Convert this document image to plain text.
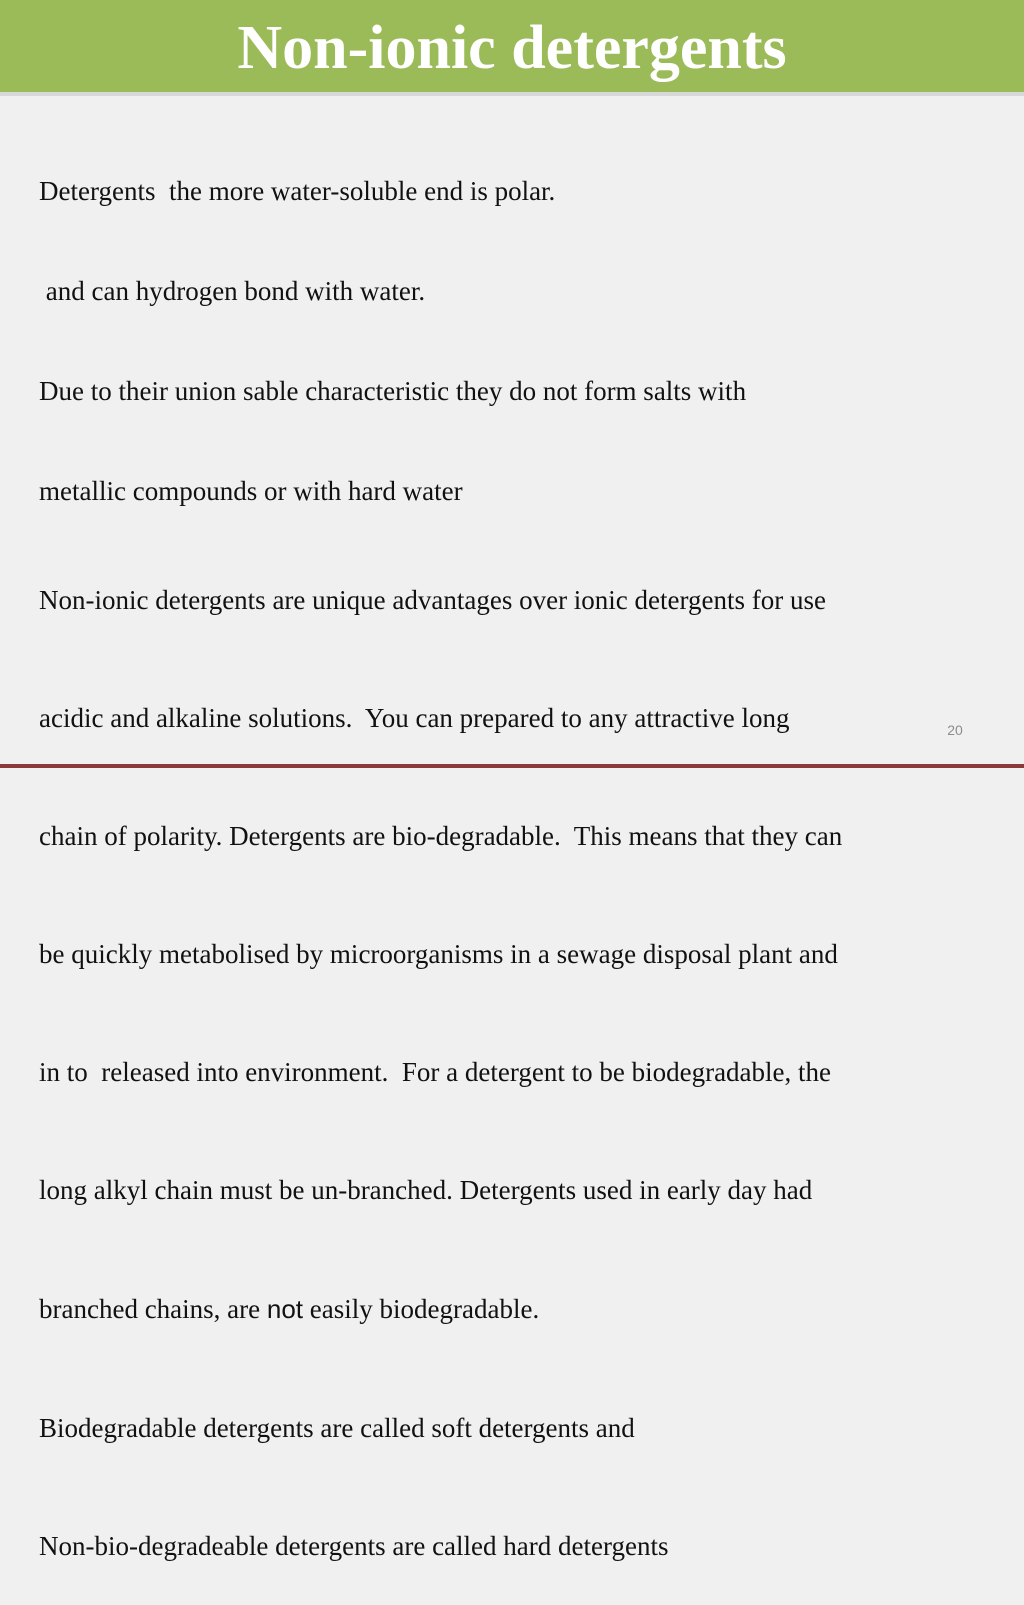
Non-ionic detergents

Detergents  the more water-soluble end is polar.

and can hydrogen bond with water.

Due to their union sable characteristic they do not form salts with

metallic compounds or with hard water

Non-ionic detergents are unique advantages over ionic detergents for use

acidic and alkaline solutions.  You can prepared to any attractive long

chain of polarity. Detergents are bio-degradable.  This means that they can

be quickly metabolised by microorganisms in a sewage disposal plant and

in to  released into environment.  For a detergent to be biodegradable, the

long alkyl chain must be un-branched. Detergents used in early day had

branched chains, are not easily biodegradable.

Biodegradable detergents are called soft detergents and

Non-bio-degradeable detergents are called hard detergents

20
